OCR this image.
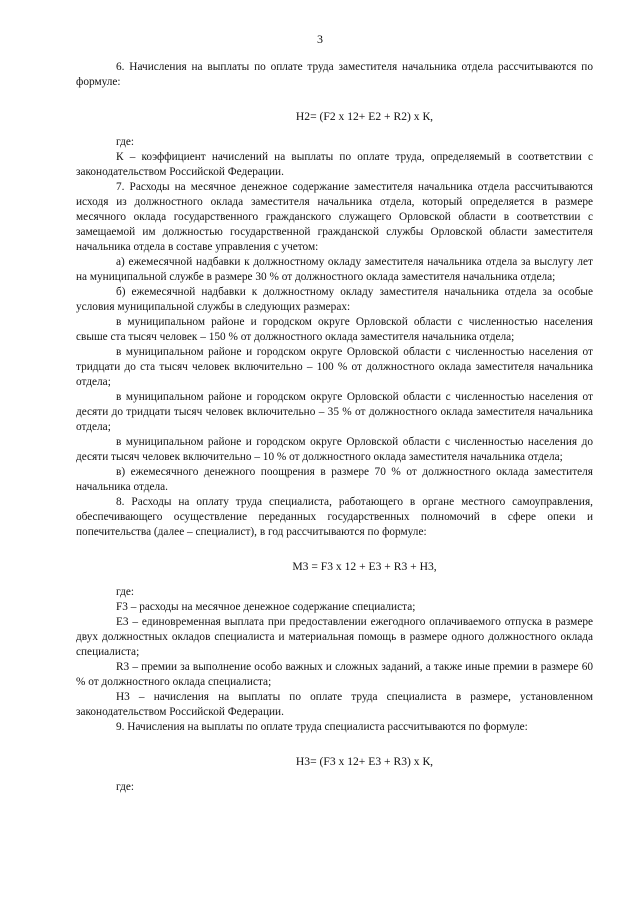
3

6. Начисления на выплаты по оплате труда заместителя начальника отдела рассчитываются по формуле:

Н2= (F2 х 12+ Е2 + R2) х К,

где:

К – коэффициент начислений на выплаты по оплате труда, определяемый в соответствии с законодательством Российской Федерации.

7. Расходы на месячное денежное содержание заместителя начальника отдела рассчитываются исходя из должностного оклада заместителя начальника отдела, который определяется в размере месячного оклада государственного гражданского служащего Орловской области в соответствии с замещаемой им должностью государственной гражданской службы Орловской области заместителя начальника отдела в составе управления с учетом:

а) ежемесячной надбавки к должностному окладу заместителя начальника отдела за выслугу лет на муниципальной службе в размере 30 % от должностного оклада заместителя начальника отдела;

б) ежемесячной надбавки к должностному окладу заместителя начальника отдела за особые условия муниципальной службы в следующих размерах:

в муниципальном районе и городском округе Орловской области с численностью населения свыше ста тысяч человек – 150 % от должностного оклада заместителя начальника отдела;

в муниципальном районе и городском округе Орловской области с численностью населения от тридцати до ста тысяч человек включительно – 100 % от должностного оклада заместителя начальника отдела;

в муниципальном районе и городском округе Орловской области с численностью населения от десяти до тридцати тысяч человек включительно – 35 % от должностного оклада заместителя начальника отдела;

в муниципальном районе и городском округе Орловской области с численностью населения до десяти тысяч человек включительно – 10 % от должностного оклада заместителя начальника отдела;

в) ежемесячного денежного поощрения в размере 70 % от должностного оклада заместителя начальника отдела.

8. Расходы на оплату труда специалиста, работающего в органе местного самоуправления, обеспечивающего осуществление переданных государственных полномочий в сфере опеки и попечительства (далее – специалист), в год рассчитываются по формуле:

М3 = F3 х 12 + Е3 + R3 + Н3,

где:

F3 – расходы на месячное денежное содержание специалиста;

Е3 – единовременная выплата при предоставлении ежегодного оплачиваемого отпуска в размере двух должностных окладов специалиста и материальная помощь в размере одного должностного оклада специалиста;

R3 – премии за выполнение особо важных и сложных заданий, а также иные премии в размере 60 % от должностного оклада специалиста;

Н3 – начисления на выплаты по оплате труда специалиста в размере, установленном законодательством Российской Федерации.

9. Начисления на выплаты по оплате труда специалиста рассчитываются по формуле:

Н3= (F3 х 12+ Е3 + R3) х К,

где:
